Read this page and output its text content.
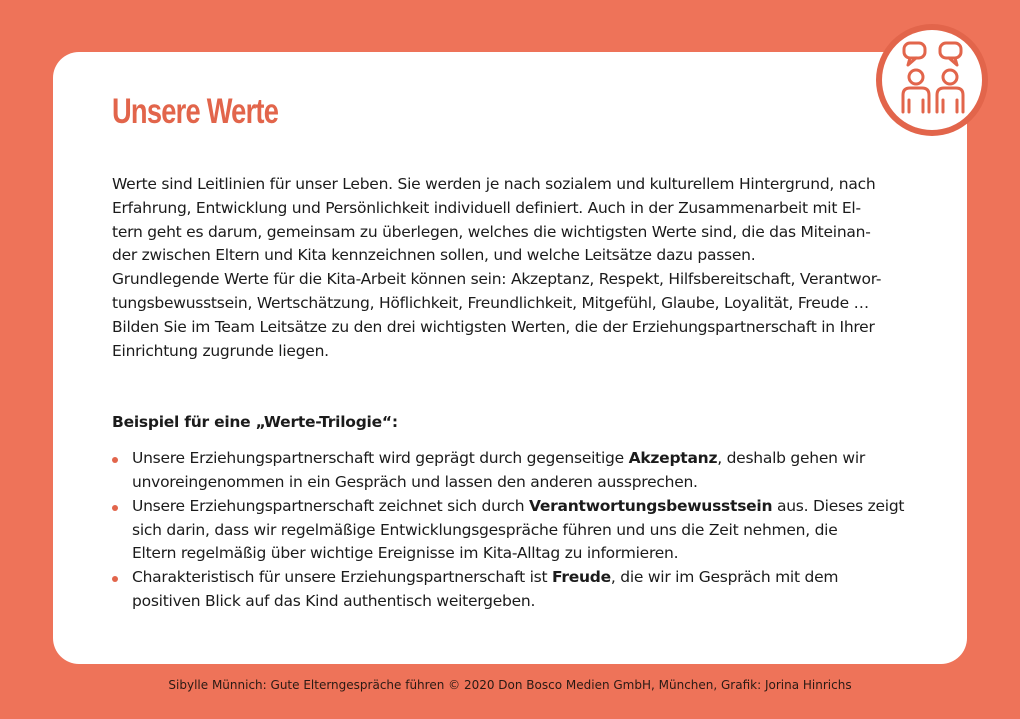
Unsere Werte

Werte sind Leitlinien für unser Leben. Sie werden je nach sozialem und kulturellem Hintergrund, nach

Erfahrung, Entwicklung und Persönlichkeit individuell definiert. Auch in der Zusammenarbeit mit El-

tern geht es darum, gemeinsam zu überlegen, welches die wichtigsten Werte sind, die das Miteinan-

der zwischen Eltern und Kita kennzeichnen sollen, und welche Leitsätze dazu passen.

Grundlegende Werte für die Kita-Arbeit können sein: Akzeptanz, Respekt, Hilfsbereitschaft, Verantwor-

tungsbewusstsein, Wertschätzung, Höflichkeit, Freundlichkeit, Mitgefühl, Glaube, Loyalität, Freude …

Bilden Sie im Team Leitsätze zu den drei wichtigsten Werten, die der Erziehungspartnerschaft in Ihrer

Einrichtung zugrunde liegen.

Beispiel für eine „Werte-Trilogie“:

Unsere Erziehungspartnerschaft wird geprägt durch gegenseitige Akzeptanz, deshalb gehen wir
unvoreingenommen in ein Gespräch und lassen den anderen aussprechen.
Unsere Erziehungspartnerschaft zeichnet sich durch Verantwortungsbewusstsein aus. Dieses zeigt
sich darin, dass wir regelmäßige Entwicklungsgespräche führen und uns die Zeit nehmen, die
Eltern regelmäßig über wichtige Ereignisse im Kita-Alltag zu informieren.
Charakteristisch für unsere Erziehungspartnerschaft ist Freude, die wir im Gespräch mit dem
positiven Blick auf das Kind authentisch weitergeben.
Sibylle Münnich: Gute Elterngespräche führen © 2020 Don Bosco Medien GmbH, München, Grafik: Jorina Hinrichs
